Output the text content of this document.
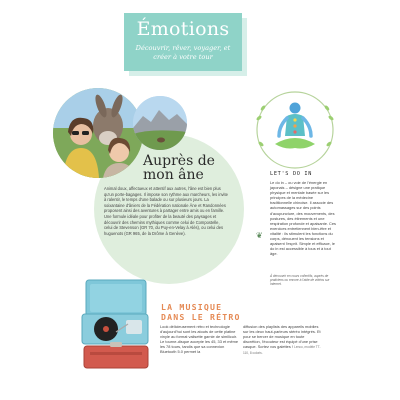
Émotions
Découvrir, rêver, voyager, et créer à votre tour
Auprès de mon âne
Animal doux, affectueux et attentif aux autres, l'âne est bien plus qu'un porte-bagages. Il impose son rythme aux marcheurs, les invite à ralentir, le temps d'une balade ou sur plusieurs jours. La soixantaine d'âniers de la Fédération nationale Âne et Randonnées proposent ainsi des aventures à partager entre amis ou en famille. Une formule idéale pour profiter de la beauté des paysages et découvrir des chemins mythiques comme celui de Compostelle, celui de Stevenson (GR 70, du Puy-en-Velay à Alès), ou celui des huguenots (GR 965, de la Drôme à Genève).
LET'S DO IN
Le do in – ou voie de l'énergie en japonais – désigne une pratique physique et mentale basée sur les principes de la médecine traditionnelle chinoise. Il associe des automassages sur des points d'acupuncture, des mouvements, des postures, des étirements et une respiration profonde et apaisante. Ces exercices entretiennent bien-être et vitalité : ils stimulent les fonctions du corps, dénouent les tensions et apaisent l'esprit. Simple et efficace, le do in est accessible à tous et à tout âge.
❦
À découvrir en cours collectifs, auprès de praticiens ou encore à l'aide de vidéos sur Internet.
LA MUSIQUE
DANS LE RÉTRO
Look délicieusement rétro et technologie d'aujourd'hui sont les atouts de cette platine vinyle au format valisette garnie de similicuir. Le tourne-disque accepte les 45, 33 et même les 78 tours, tandis que sa connexion Bluetooth 5.0 permet la
diffusion des playlists des appareils mobiles sur les deux haut-parleurs stéréo intégrés. Et pour se bercer de musique en toute discrétion, l'écouteur est équipé d'une prise casque. Sortez vos galettes ! Lenco, modèle TT-110, 8 coloris.
